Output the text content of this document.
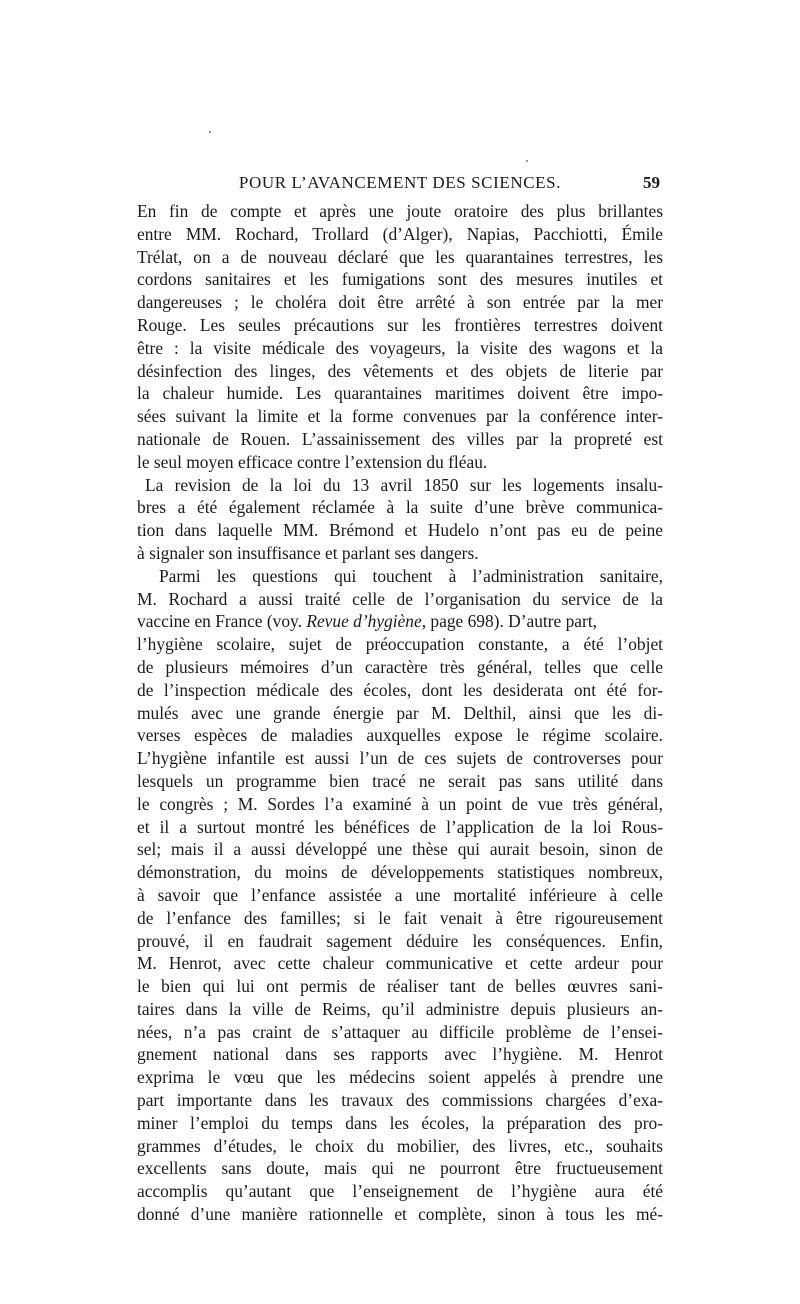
POUR L’AVANCEMENT DES SCIENCES.	59
En fin de compte et après une joute oratoire des plus brillantes
entre MM. Rochard, Trollard (d’Alger), Napias, Pacchiotti, Émile
Trélat, on a de nouveau déclaré que les quarantaines terrestres, les
cordons sanitaires et les fumigations sont des mesures inutiles et
dangereuses ; le choléra doit être arrêté à son entrée par la mer
Rouge. Les seules précautions sur les frontières terrestres doivent
être : la visite médicale des voyageurs, la visite des wagons et la
désinfection des linges, des vêtements et des objets de literie par
la chaleur humide. Les quarantaines maritimes doivent être impo-
sées suivant la limite et la forme convenues par la conférence inter-
nationale de Rouen. L’assainissement des villes par la propreté est
le seul moyen efficace contre l’extension du fléau.
La revision de la loi du 13 avril 1850 sur les logements insalu-
bres a été également réclamée à la suite d’une brève communica-
tion dans laquelle MM. Brémond et Hudelo n’ont pas eu de peine
à signaler son insuffisance et parlant ses dangers.
Parmi les questions qui touchent à l’administration sanitaire,
M. Rochard a aussi traité celle de l’organisation du service de la
vaccine en France (voy. Revue d’hygiène, page 698). D’autre part,
l’hygiène scolaire, sujet de préoccupation constante, a été l’objet
de plusieurs mémoires d’un caractère très général, telles que celle
de l’inspection médicale des écoles, dont les desiderata ont été for-
mulés avec une grande énergie par M. Delthil, ainsi que les di-
verses espèces de maladies auxquelles expose le régime scolaire.
L’hygiène infantile est aussi l’un de ces sujets de controverses pour
lesquels un programme bien tracé ne serait pas sans utilité dans
le congrès ; M. Sordes l’a examiné à un point de vue très général,
et il a surtout montré les bénéfices de l’application de la loi Rous-
sel; mais il a aussi développé une thèse qui aurait besoin, sinon de
démonstration, du moins de développements statistiques nombreux,
à savoir que l’enfance assistée a une mortalité inférieure à celle
de l’enfance des familles; si le fait venait à être rigoureusement
prouvé, il en faudrait sagement déduire les conséquences. Enfin,
M. Henrot, avec cette chaleur communicative et cette ardeur pour
le bien qui lui ont permis de réaliser tant de belles œuvres sani-
taires dans la ville de Reims, qu’il administre depuis plusieurs an-
nées, n’a pas craint de s’attaquer au difficile problème de l’ensei-
gnement national dans ses rapports avec l’hygiène. M. Henrot
exprima le vœu que les médecins soient appelés à prendre une
part importante dans les travaux des commissions chargées d’exa-
miner l’emploi du temps dans les écoles, la préparation des pro-
grammes d’études, le choix du mobilier, des livres, etc., souhaits
excellents sans doute, mais qui ne pourront être fructueusement
accomplis qu’autant que l’enseignement de l’hygiène aura été
donné d’une manière rationnelle et complète, sinon à tous les mé-
